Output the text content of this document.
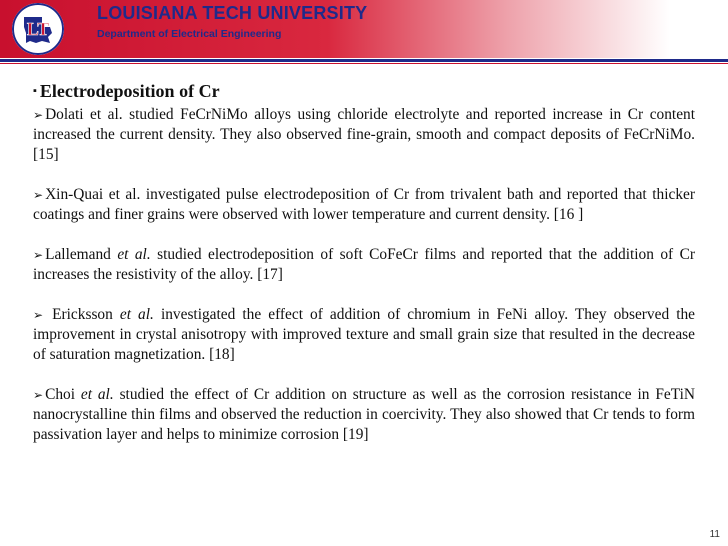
LT
LOUISIANA TECH UNIVERSITY
Department of Electrical Engineering
▪ Electrodeposition of Cr

➢ Dolati et al. studied FeCrNiMo alloys using chloride electrolyte and reported increase in Cr content increased the current density. They also observed fine-grain, smooth and compact deposits of FeCrNiMo. [15]

➢ Xin-Quai et al. investigated pulse electrodeposition of Cr from trivalent bath and reported that thicker coatings and finer grains were observed with lower temperature and current density. [16 ]

➢ Lallemand et al. studied electrodeposition of soft CoFeCr films and reported that the addition of Cr increases the resistivity of the alloy. [17]

➢ Ericksson et al. investigated the effect of addition of chromium in FeNi alloy. They observed the improvement in crystal anisotropy with improved texture and small grain size that resulted in the decrease of saturation magnetization. [18]

➢ Choi et al. studied the effect of Cr addition on structure as well as the corrosion resistance in FeTiN nanocrystalline thin films and observed the reduction in coercivity. They also showed that Cr tends to form passivation layer and helps to minimize corrosion [19]

11
